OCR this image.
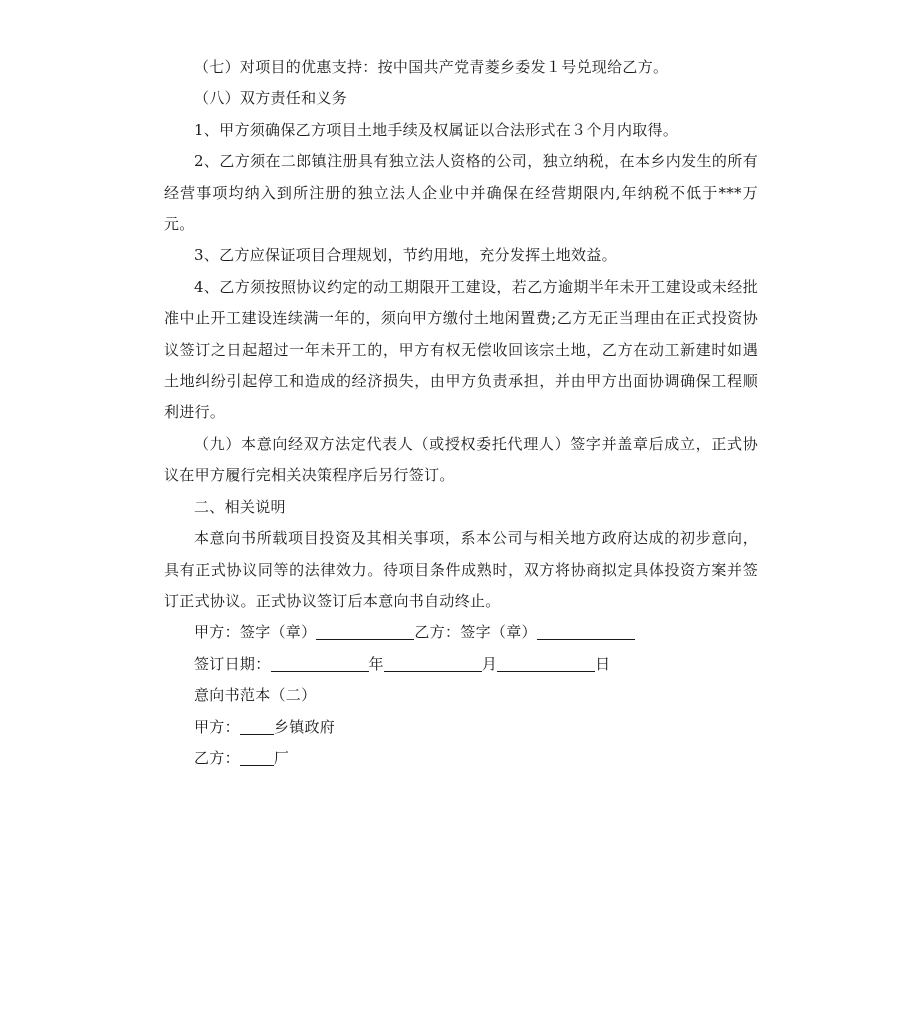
（七）对项目的优惠支持：按中国共产党青菱乡委发１号兑现给乙方。

（八）双方责任和义务

1、甲方须确保乙方项目土地手续及权属证以合法形式在３个月内取得。

2、乙方须在二郎镇注册具有独立法人资格的公司，独立纳税，在本乡内发生的所有经营事项均纳入到所注册的独立法人企业中并确保在经营期限内,年纳税不低于***万元。

3、乙方应保证项目合理规划，节约用地，充分发挥土地效益。

4、乙方须按照协议约定的动工期限开工建设，若乙方逾期半年未开工建设或未经批准中止开工建设连续满一年的，须向甲方缴付土地闲置费;乙方无正当理由在正式投资协议签订之日起超过一年未开工的，甲方有权无偿收回该宗土地，乙方在动工新建时如遇土地纠纷引起停工和造成的经济损失，由甲方负责承担，并由甲方出面协调确保工程顺利进行。

（九）本意向经双方法定代表人（或授权委托代理人）签字并盖章后成立，正式协议在甲方履行完相关决策程序后另行签订。

二、相关说明

本意向书所载项目投资及其相关事项，系本公司与相关地方政府达成的初步意向，具有正式协议同等的法律效力。待项目条件成熟时，双方将协商拟定具体投资方案并签订正式协议。正式协议签订后本意向书自动终止。

甲方：签字（章）	乙方：签字（章）

签订日期：	年	月	日

意向书范本（二）

甲方： 乡镇政府

乙方： 厂
